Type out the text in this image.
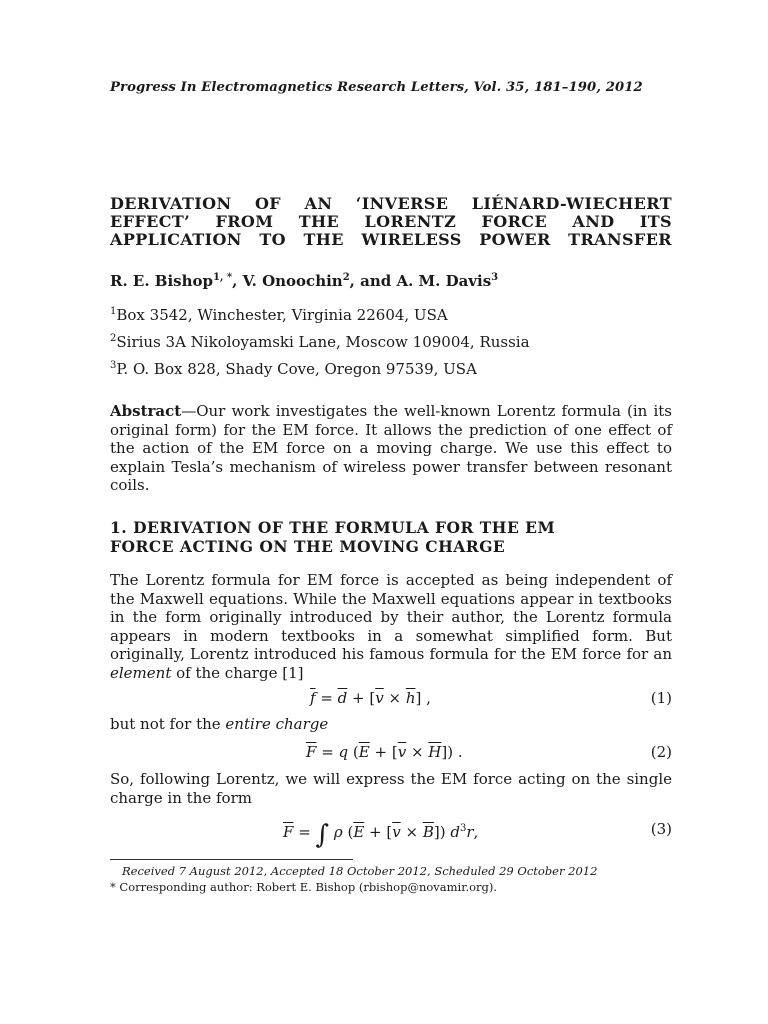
Progress In Electromagnetics Research Letters, Vol. 35, 181–190, 2012
DERIVATION OF AN ‘INVERSE LIÉNARD-WIECHERT
EFFECT’ FROM THE LORENTZ FORCE AND ITS
APPLICATION TO THE WIRELESS POWER TRANSFER
R. E. Bishop$^{1, *}$, V. Onoochin$^2$, and A. M. Davis$^3$
$^1$Box 3542, Winchester, Virginia 22604, USA
$^2$Sirius 3A Nikoloyamski Lane, Moscow 109004, Russia
$^3$P. O. Box 828, Shady Cove, Oregon 97539, USA
Abstract—Our work investigates the well-known Lorentz formula (in its original form) for the EM force. It allows the prediction of one effect of the action of the EM force on a moving charge. We use this effect to explain Tesla’s mechanism of wireless power transfer between resonant coils.
1. DERIVATION OF THE FORMULA FOR THE EM
FORCE ACTING ON THE MOVING CHARGE
The Lorentz formula for EM force is accepted as being independent of the Maxwell equations. While the Maxwell equations appear in textbooks in the form originally introduced by their author, the Lorentz formula appears in modern textbooks in a somewhat simplified form. But originally, Lorentz introduced his famous formula for the EM force for an element of the charge [1]
$\overline{f} = \overline{d} + [\overline{v} \times \overline{h}]$ ,	(1)
but not for the entire charge
$\overline{F} = q$ $(\overline{E} + [\overline{v} \times \overline{H}])$ .	(2)
So, following Lorentz, we will express the EM force acting on the single charge in the form
$\overline{F}$ = ∫ ρ $(\overline{E} + [\overline{v} \times \overline{B}])$ $d^3r$,	(3)
Received 7 August 2012, Accepted 18 October 2012, Scheduled 29 October 2012
* Corresponding author: Robert E. Bishop (rbishop@novamir.org).
